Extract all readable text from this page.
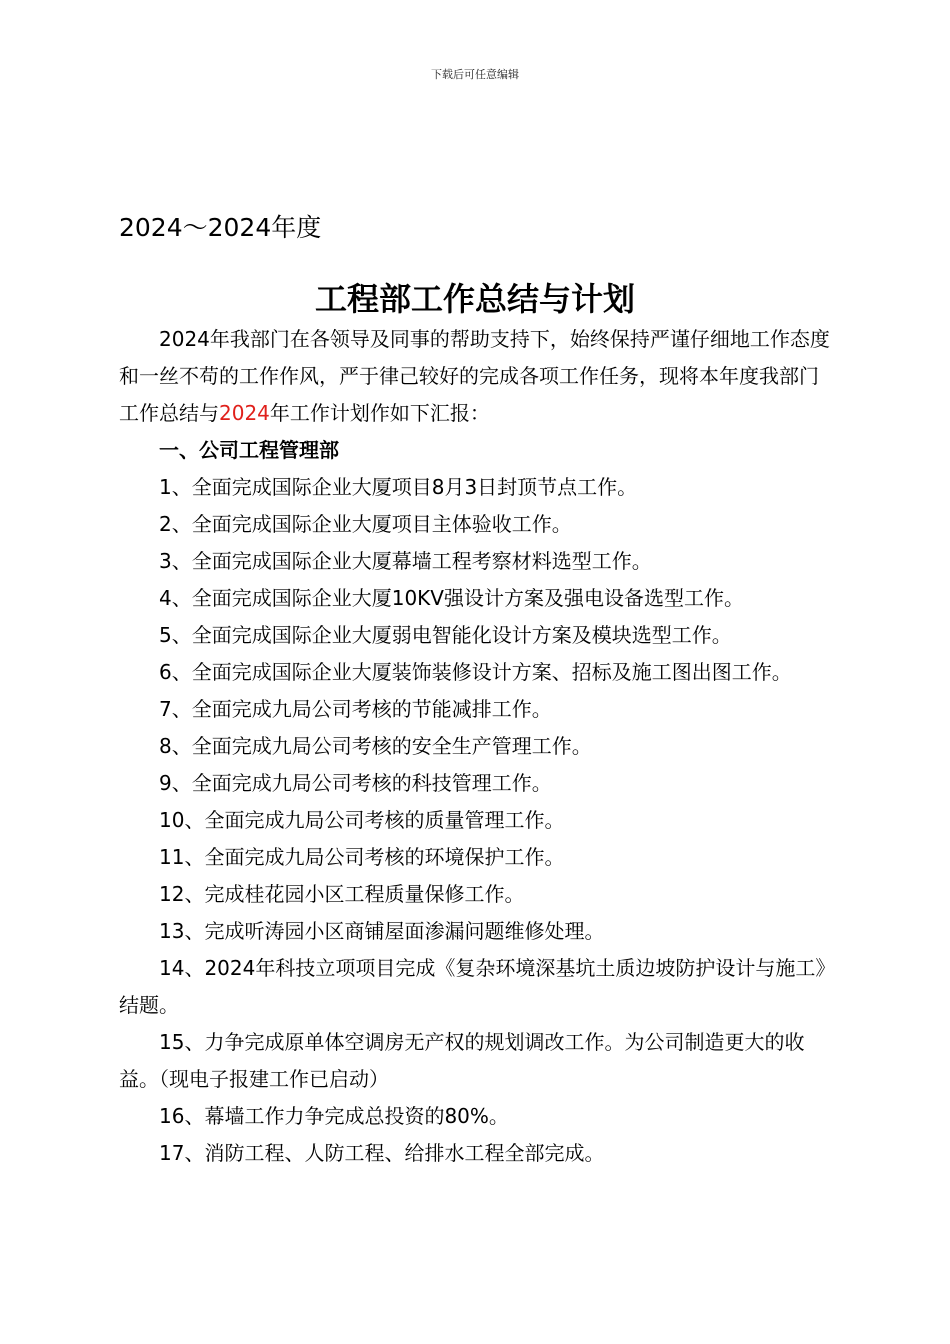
下载后可任意编辑
2024～2024年度
工程部工作总结与计划

2024年我部门在各领导及同事的帮助支持下，始终保持严谨仔细地工作态度和一丝不苟的工作作风，严于律己较好的完成各项工作任务，现将本年度我部门工作总结与2024年工作计划作如下汇报：

一、公司工程管理部

1、全面完成国际企业大厦项目8月3日封顶节点工作。

2、全面完成国际企业大厦项目主体验收工作。

3、全面完成国际企业大厦幕墙工程考察材料选型工作。

4、全面完成国际企业大厦10KV强设计方案及强电设备选型工作。

5、全面完成国际企业大厦弱电智能化设计方案及模块选型工作。

6、全面完成国际企业大厦装饰装修设计方案、招标及施工图出图工作。

7、全面完成九局公司考核的节能减排工作。

8、全面完成九局公司考核的安全生产管理工作。

9、全面完成九局公司考核的科技管理工作。

10、全面完成九局公司考核的质量管理工作。

11、全面完成九局公司考核的环境保护工作。

12、完成桂花园小区工程质量保修工作。

13、完成听涛园小区商铺屋面渗漏问题维修处理。

14、2024年科技立项项目完成《复杂环境深基坑土质边坡防护设计与施工》结题。

15、力争完成原单体空调房无产权的规划调改工作。为公司制造更大的收益。（现电子报建工作已启动）

16、幕墙工作力争完成总投资的80%。

17、消防工程、人防工程、给排水工程全部完成。
